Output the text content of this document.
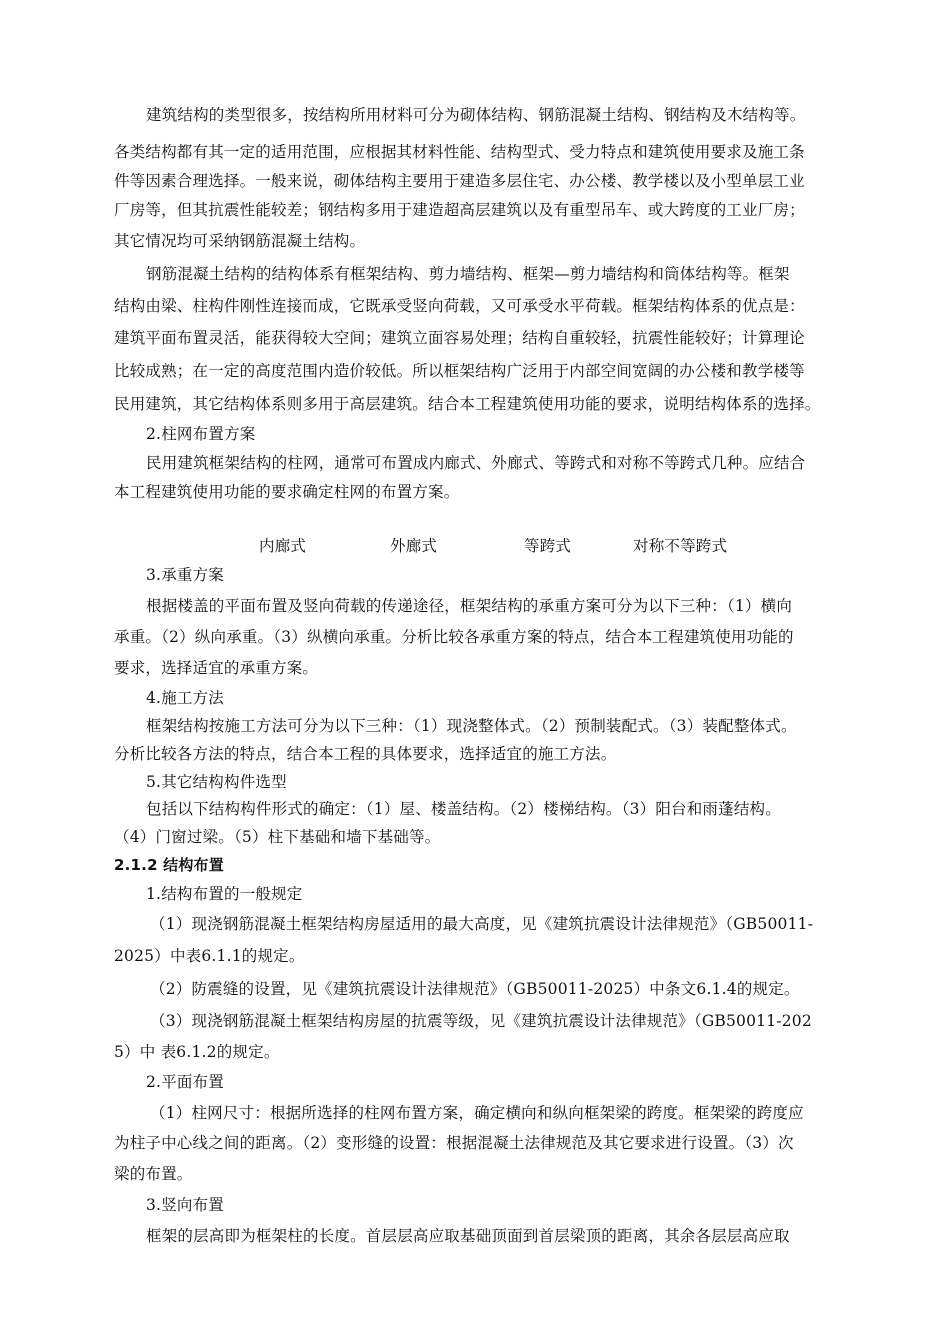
建筑结构的类型很多，按结构所用材料可分为砌体结构、钢筋混凝土结构、钢结构及木结构等。
各类结构都有其一定的适用范围，应根据其材料性能、结构型式、受力特点和建筑使用要求及施工条
件等因素合理选择。一般来说，砌体结构主要用于建造多层住宅、办公楼、教学楼以及小型单层工业
厂房等，但其抗震性能较差；钢结构多用于建造超高层建筑以及有重型吊车、或大跨度的工业厂房；
其它情况均可采纳钢筋混凝土结构。
钢筋混凝土结构的结构体系有框架结构、剪力墙结构、框架—剪力墙结构和筒体结构等。框架
结构由梁、柱构件刚性连接而成，它既承受竖向荷载，又可承受水平荷载。框架结构体系的优点是：
建筑平面布置灵活，能获得较大空间；建筑立面容易处理；结构自重较轻，抗震性能较好；计算理论
比较成熟；在一定的高度范围内造价较低。所以框架结构广泛用于内部空间宽阔的办公楼和教学楼等
民用建筑，其它结构体系则多用于高层建筑。结合本工程建筑使用功能的要求，说明结构体系的选择。
2.柱网布置方案
民用建筑框架结构的柱网，通常可布置成内廊式、外廊式、等跨式和对称不等跨式几种。应结合
本工程建筑使用功能的要求确定柱网的布置方案。
内廊式	外廊式	等跨式	对称不等跨式
3.承重方案
根据楼盖的平面布置及竖向荷载的传递途径，框架结构的承重方案可分为以下三种：（1）横向
承重。（2）纵向承重。（3）纵横向承重。分析比较各承重方案的特点，结合本工程建筑使用功能的
要求，选择适宜的承重方案。
4.施工方法
框架结构按施工方法可分为以下三种：（1）现浇整体式。（2）预制装配式。（3）装配整体式。
分析比较各方法的特点，结合本工程的具体要求，选择适宜的施工方法。
5.其它结构构件选型
包括以下结构构件形式的确定：（1）屋、楼盖结构。（2）楼梯结构。（3）阳台和雨蓬结构。
（4）门窗过梁。（5）柱下基础和墙下基础等。
2.1.2 结构布置
1.结构布置的一般规定
（1）现浇钢筋混凝土框架结构房屋适用的最大高度，见《建筑抗震设计法律规范》（GB50011-
2025）中表6.1.1的规定。
（2）防震缝的设置，见《建筑抗震设计法律规范》（GB50011-2025）中条文6.1.4的规定。
（3）现浇钢筋混凝土框架结构房屋的抗震等级，见《建筑抗震设计法律规范》（GB50011-202
5）中 表6.1.2的规定。
2.平面布置
（1）柱网尺寸：根据所选择的柱网布置方案，确定横向和纵向框架梁的跨度。框架梁的跨度应
为柱子中心线之间的距离。（2）变形缝的设置：根据混凝土法律规范及其它要求进行设置。（3）次
梁的布置。
3.竖向布置
框架的层高即为框架柱的长度。首层层高应取基础顶面到首层梁顶的距离，其余各层层高应取
